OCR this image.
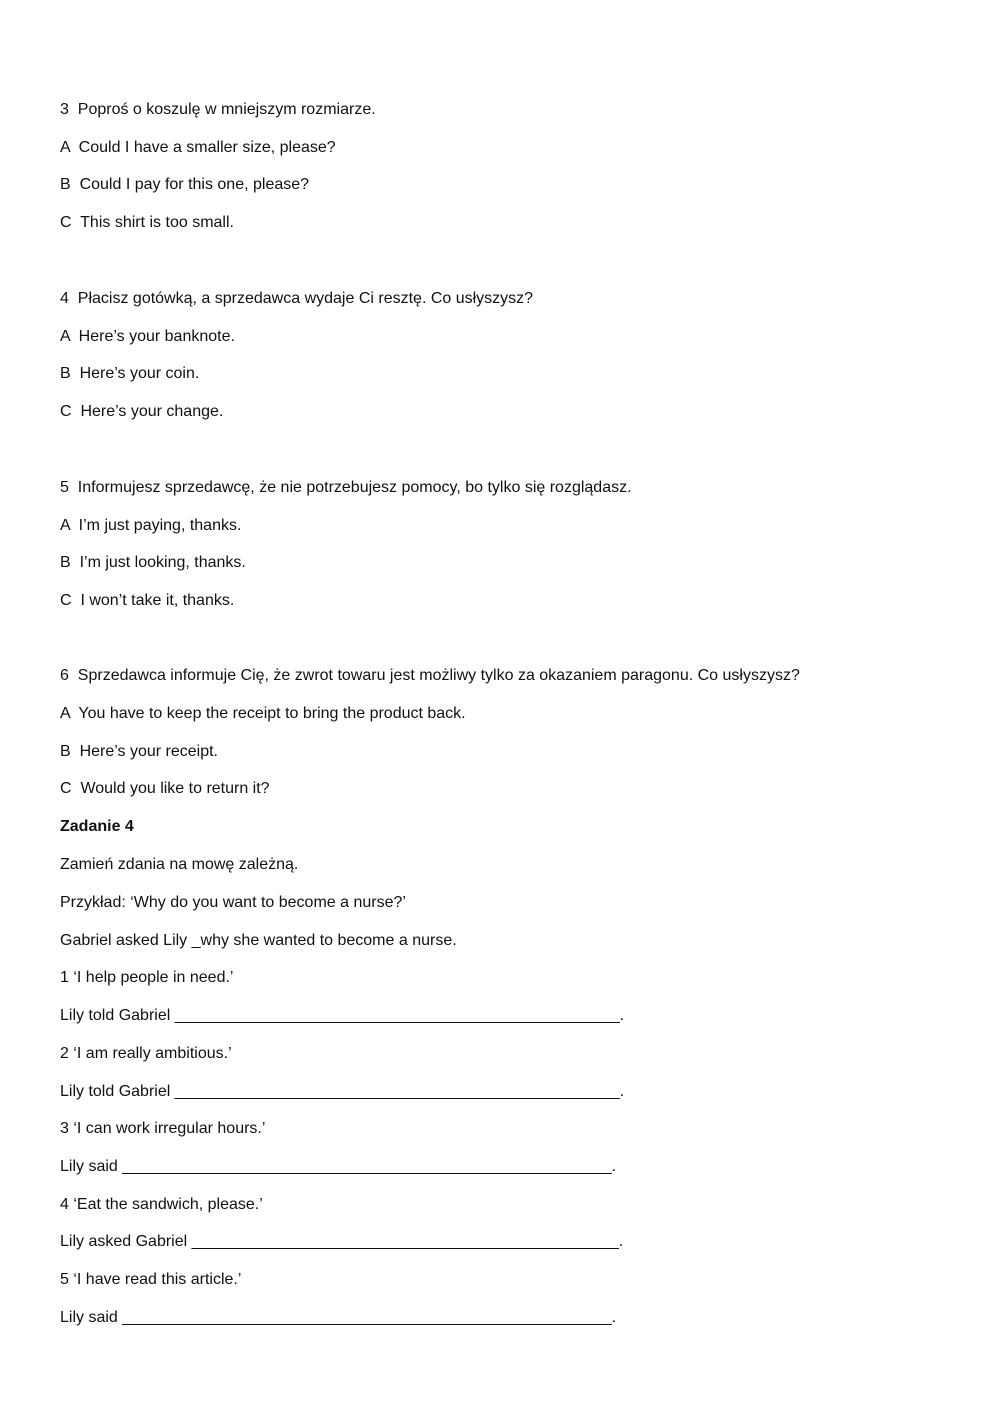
3  Poproś o koszulę w mniejszym rozmiarze.
A  Could I have a smaller size, please?
B  Could I pay for this one, please?
C  This shirt is too small.
4  Płacisz gotówką, a sprzedawca wydaje Ci resztę. Co usłyszysz?
A  Here’s your banknote.
B  Here’s your coin.
C  Here’s your change.
5  Informujesz sprzedawcę, że nie potrzebujesz pomocy, bo tylko się rozglądasz.
A  I’m just paying, thanks.
B  I’m just looking, thanks.
C  I won’t take it, thanks.
6  Sprzedawca informuje Cię, że zwrot towaru jest możliwy tylko za okazaniem paragonu. Co usłyszysz?
A  You have to keep the receipt to bring the product back.
B  Here’s your receipt.
C  Would you like to return it?
Zadanie 4
Zamień zdania na mowę zależną.
Przykład: ‘Why do you want to become a nurse?’
Gabriel asked Lily _why she wanted to become a nurse.
1 ‘I help people in need.’
Lily told Gabriel __________________________________________________.
2 ‘I am really ambitious.’
Lily told Gabriel __________________________________________________.
3 ‘I can work irregular hours.’
Lily said _______________________________________________________.
4 ‘Eat the sandwich, please.’
Lily asked Gabriel ________________________________________________.
5 ‘I have read this article.’
Lily said _______________________________________________________.
